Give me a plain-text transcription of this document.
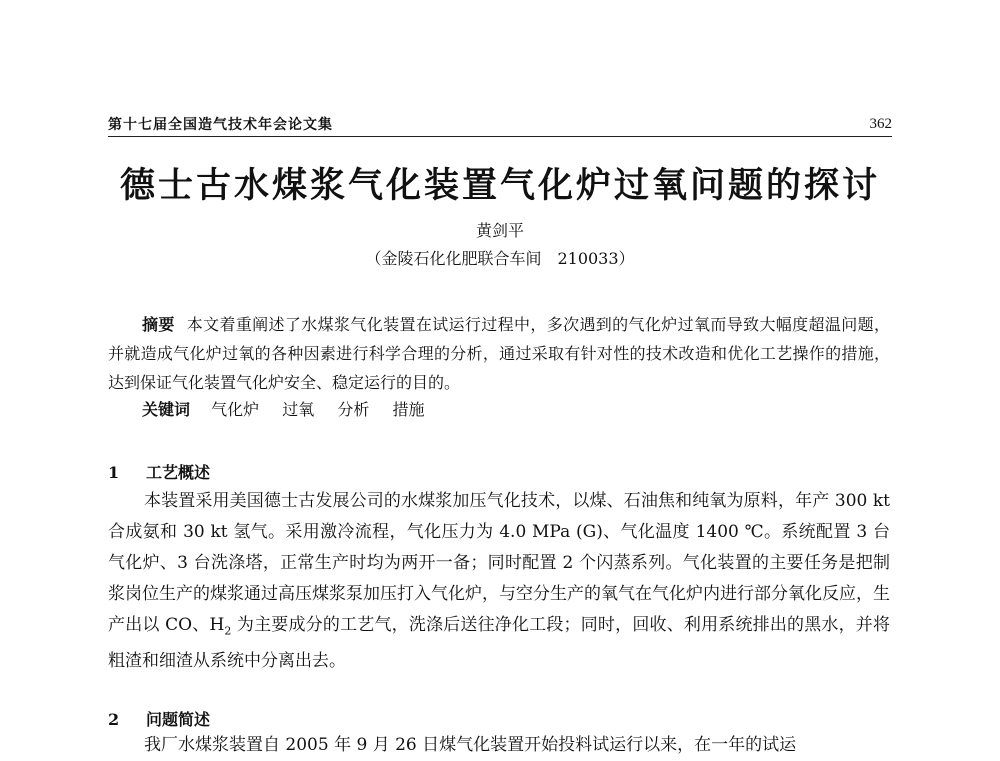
第十七届全国造气技术年会论文集	362
德士古水煤浆气化装置气化炉过氧问题的探讨
黄剑平
（金陵石化化肥联合车间　210033）
摘要 本文着重阐述了水煤浆气化装置在试运行过程中，多次遇到的气化炉过氧而导致大幅度超温问题，并就造成气化炉过氧的各种因素进行科学合理的分析，通过采取有针对性的技术改造和优化工艺操作的措施，达到保证气化装置气化炉安全、稳定运行的目的。
关键词 气化炉 过氧 分析 措施
1 工艺概述
本装置采用美国德士古发展公司的水煤浆加压气化技术，以煤、石油焦和纯氧为原料，年产 300 kt 合成氨和 30 kt 氢气。采用激冷流程，气化压力为 4.0 MPa (G)、气化温度 1400 ℃。系统配置 3 台气化炉、3 台洗涤塔，正常生产时均为两开一备；同时配置 2 个闪蒸系列。气化装置的主要任务是把制浆岗位生产的煤浆通过高压煤浆泵加压打入气化炉，与空分生产的氧气在气化炉内进行部分氧化反应，生产出以 CO、$H_2$ 为主要成分的工艺气，洗涤后送往净化工段；同时，回收、利用系统排出的黑水，并将粗渣和细渣从系统中分离出去。
2 问题简述
我厂水煤浆装置自 2005 年 9 月 26 日煤气化装置开始投料试运行以来，在一年的试运
